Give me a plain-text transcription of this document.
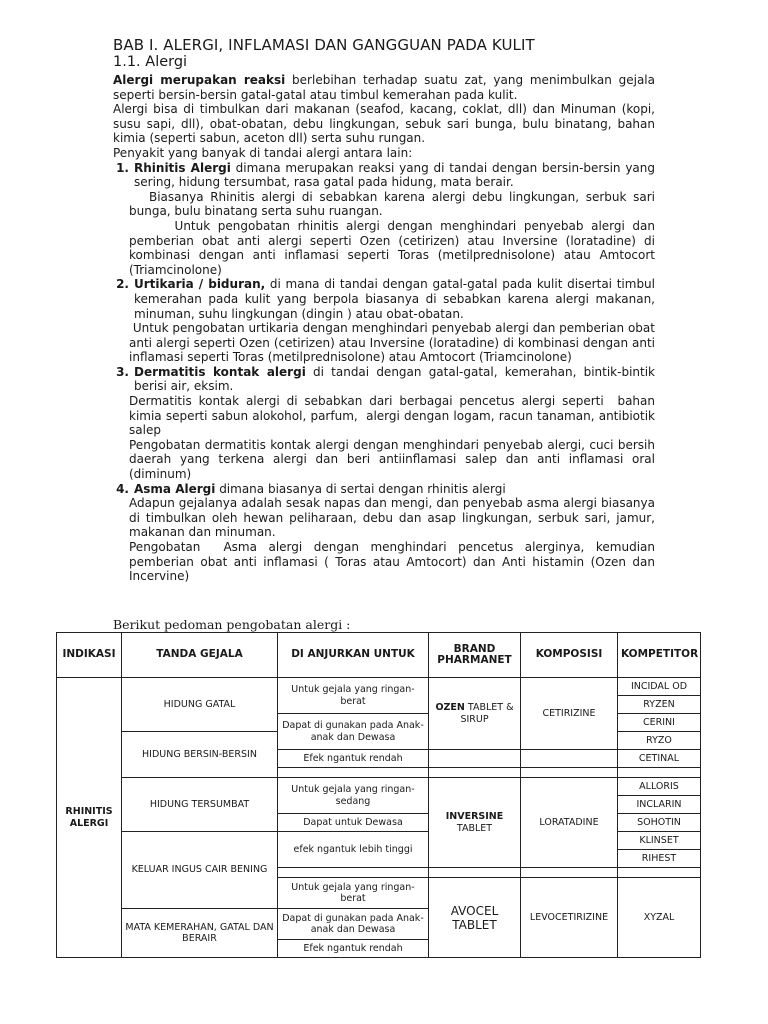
BAB I. ALERGI, INFLAMASI DAN GANGGUAN PADA KULIT
1.1. Alergi

Alergi merupakan reaksi berlebihan terhadap suatu zat, yang menimbulkan gejala seperti bersin-bersin gatal-gatal atau timbul kemerahan pada kulit.

Alergi bisa di timbulkan dari makanan (seafod, kacang, coklat, dll) dan Minuman (kopi, susu sapi, dll), obat-obatan, debu lingkungan, sebuk sari bunga, bulu binatang, bahan kimia (seperti sabun, aceton dll) serta suhu rungan.

Penyakit yang banyak di tandai alergi antara lain:

1. Rhinitis Alergi dimana merupakan reaksi yang di tandai dengan bersin-bersin yang sering, hidung tersumbat, rasa gatal pada hidung, mata berair.

Biasanya Rhinitis alergi di sebabkan karena alergi debu lingkungan, serbuk sari bunga, bulu binatang serta suhu ruangan.

Untuk pengobatan rhinitis alergi dengan menghindari penyebab alergi dan pemberian obat anti alergi seperti Ozen (cetirizen) atau Inversine (loratadine) di kombinasi dengan anti inflamasi seperti Toras (metilprednisolone) atau Amtocort (Triamcinolone)

2. Urtikaria / biduran, di mana di tandai dengan gatal-gatal pada kulit disertai timbul kemerahan pada kulit yang berpola biasanya di sebabkan karena alergi makanan, minuman, suhu lingkungan (dingin ) atau obat-obatan.

Untuk pengobatan urtikaria dengan menghindari penyebab alergi dan pemberian obat anti alergi seperti Ozen (cetirizen) atau Inversine (loratadine) di kombinasi dengan anti inflamasi seperti Toras (metilprednisolone) atau Amtocort (Triamcinolone)

3. Dermatitis kontak alergi di tandai dengan gatal-gatal, kemerahan, bintik-bintik berisi air, eksim.

Dermatitis kontak alergi di sebabkan dari berbagai pencetus alergi seperti  bahan kimia seperti sabun alokohol, parfum,  alergi dengan logam, racun tanaman, antibiotik salep

Pengobatan dermatitis kontak alergi dengan menghindari penyebab alergi, cuci bersih daerah yang terkena alergi dan beri antiinflamasi salep dan anti inflamasi oral (diminum)

4. Asma Alergi dimana biasanya di sertai dengan rhinitis alergi

Adapun gejalanya adalah sesak napas dan mengi, dan penyebab asma alergi biasanya di timbulkan oleh hewan peliharaan, debu dan asap lingkungan, serbuk sari, jamur, makanan dan minuman.

Pengobatan  Asma alergi dengan menghindari pencetus alerginya, kemudian pemberian obat anti inflamasi ( Toras atau Amtocort) dan Anti histamin (Ozen dan Incervine)

Berikut pedoman pengobatan alergi :
INDIKASI	TANDA GEJALA	DI ANJURKAN UNTUK	BRAND PHARMANET	KOMPOSISI	KOMPETITOR
RHINITIS ALERGI	HIDUNG GATAL	Untuk gejala yang ringan-berat	OZEN TABLET & SIRUP	CETIRIZINE	INCIDAL OD
					RYZEN
		Dapat di gunakan pada Anak-anak dan Dewasa			CERINI
	HIDUNG BERSIN-BERSIN				RYZO
		Efek ngantuk rendah			CETINAL

	HIDUNG TERSUMBAT	Untuk gejala yang ringan-sedang	INVERSINE TABLET	LORATADINE	ALLORIS
					INCLARIN
		Dapat untuk Dewasa			SOHOTIN
	KELUAR INGUS CAIR BENING	efek ngantuk lebih tinggi			KLINSET
					RIHEST

		Untuk gejala yang ringan-berat	AVOCEL TABLET	LEVOCETIRIZINE	XYZAL
	MATA KEMERAHAN, GATAL DAN BERAIR	Dapat di gunakan pada Anak-anak dan Dewasa			
		Efek ngantuk rendah			
